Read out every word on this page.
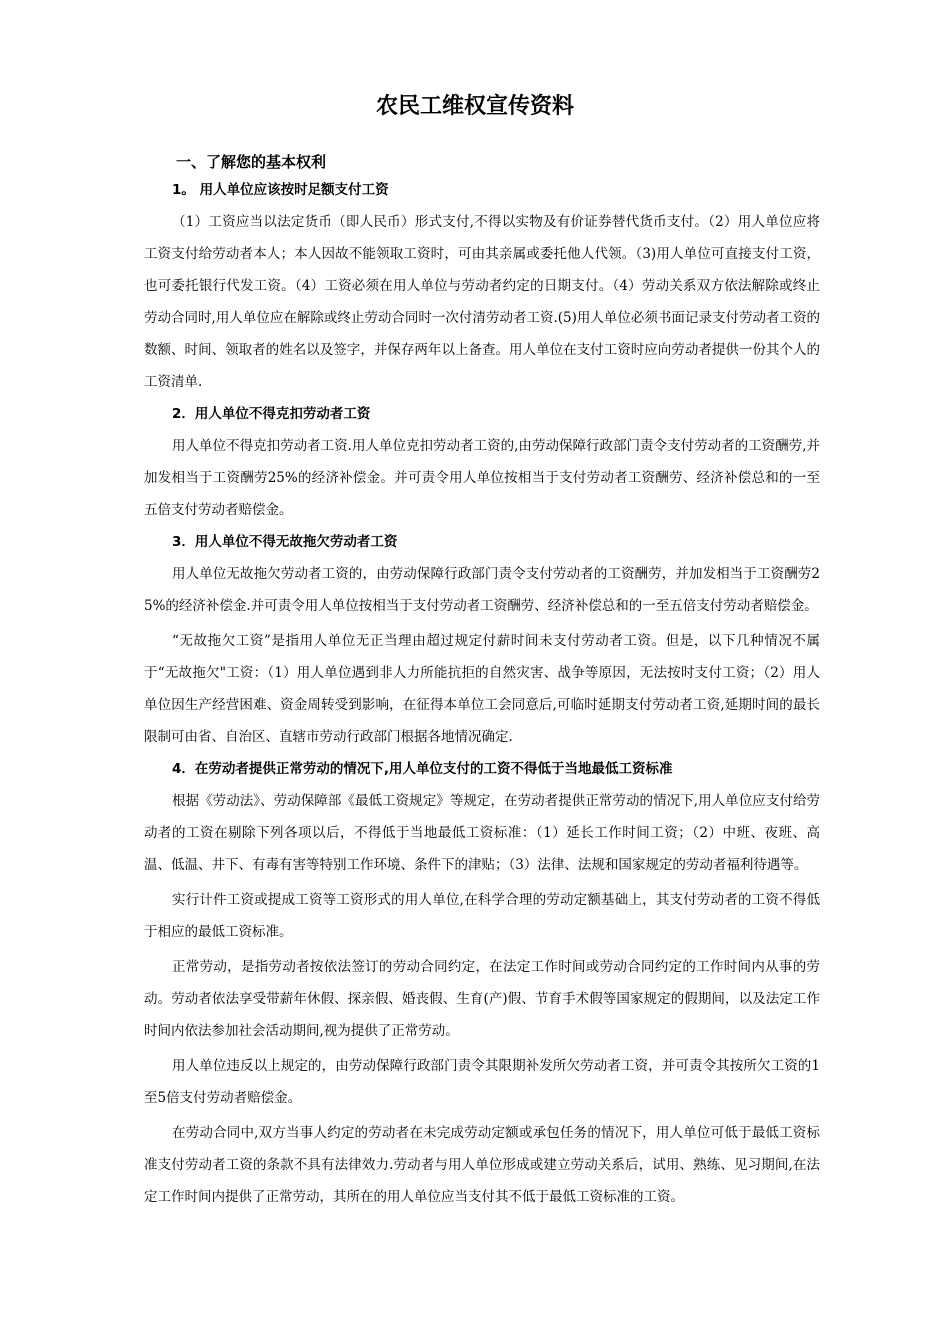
农民工维权宣传资料
一、了解您的基本权利
1。 用人单位应该按时足额支付工资

（1）工资应当以法定货币（即人民币）形式支付,不得以实物及有价证券替代货币支付。（2）用人单位应将工资支付给劳动者本人；本人因故不能领取工资时，可由其亲属或委托他人代领。（3)用人单位可直接支付工资，也可委托银行代发工资。（4）工资必须在用人单位与劳动者约定的日期支付。（4）劳动关系双方依法解除或终止劳动合同时,用人单位应在解除或终止劳动合同时一次付清劳动者工资.(5)用人单位必须书面记录支付劳动者工资的数额、时间、领取者的姓名以及签字，并保存两年以上备查。用人单位在支付工资时应向劳动者提供一份其个人的工资清单.

2．用人单位不得克扣劳动者工资

用人单位不得克扣劳动者工资.用人单位克扣劳动者工资的,由劳动保障行政部门责令支付劳动者的工资酬劳,并加发相当于工资酬劳25%的经济补偿金。并可责令用人单位按相当于支付劳动者工资酬劳、经济补偿总和的一至五倍支付劳动者赔偿金。

3．用人单位不得无故拖欠劳动者工资

用人单位无故拖欠劳动者工资的，由劳动保障行政部门责令支付劳动者的工资酬劳，并加发相当于工资酬劳25%的经济补偿金.并可责令用人单位按相当于支付劳动者工资酬劳、经济补偿总和的一至五倍支付劳动者赔偿金。

“无故拖欠工资”是指用人单位无正当理由超过规定付薪时间未支付劳动者工资。但是，以下几种情况不属于“无故拖欠"工资：（1）用人单位遇到非人力所能抗拒的自然灾害、战争等原因，无法按时支付工资；（2）用人单位因生产经营困难、资金周转受到影响，在征得本单位工会同意后,可临时延期支付劳动者工资,延期时间的最长限制可由省、自治区、直辖市劳动行政部门根据各地情况确定.

4．在劳动者提供正常劳动的情况下,用人单位支付的工资不得低于当地最低工资标准

根据《劳动法》、劳动保障部《最低工资规定》等规定，在劳动者提供正常劳动的情况下,用人单位应支付给劳动者的工资在剔除下列各项以后，不得低于当地最低工资标准：（1）延长工作时间工资；（2）中班、夜班、高温、低温、井下、有毒有害等特别工作环境、条件下的津贴；（3）法律、法规和国家规定的劳动者福利待遇等。

实行计件工资或提成工资等工资形式的用人单位,在科学合理的劳动定额基础上，其支付劳动者的工资不得低于相应的最低工资标准。

正常劳动，是指劳动者按依法签订的劳动合同约定，在法定工作时间或劳动合同约定的工作时间内从事的劳动。劳动者依法享受带薪年休假、探亲假、婚丧假、生育(产)假、节育手术假等国家规定的假期间，以及法定工作时间内依法参加社会活动期间,视为提供了正常劳动。

用人单位违反以上规定的，由劳动保障行政部门责令其限期补发所欠劳动者工资，并可责令其按所欠工资的1至5倍支付劳动者赔偿金。

在劳动合同中,双方当事人约定的劳动者在未完成劳动定额或承包任务的情况下，用人单位可低于最低工资标准支付劳动者工资的条款不具有法律效力.劳动者与用人单位形成或建立劳动关系后，试用、熟练、见习期间,在法定工作时间内提供了正常劳动，其所在的用人单位应当支付其不低于最低工资标准的工资。
